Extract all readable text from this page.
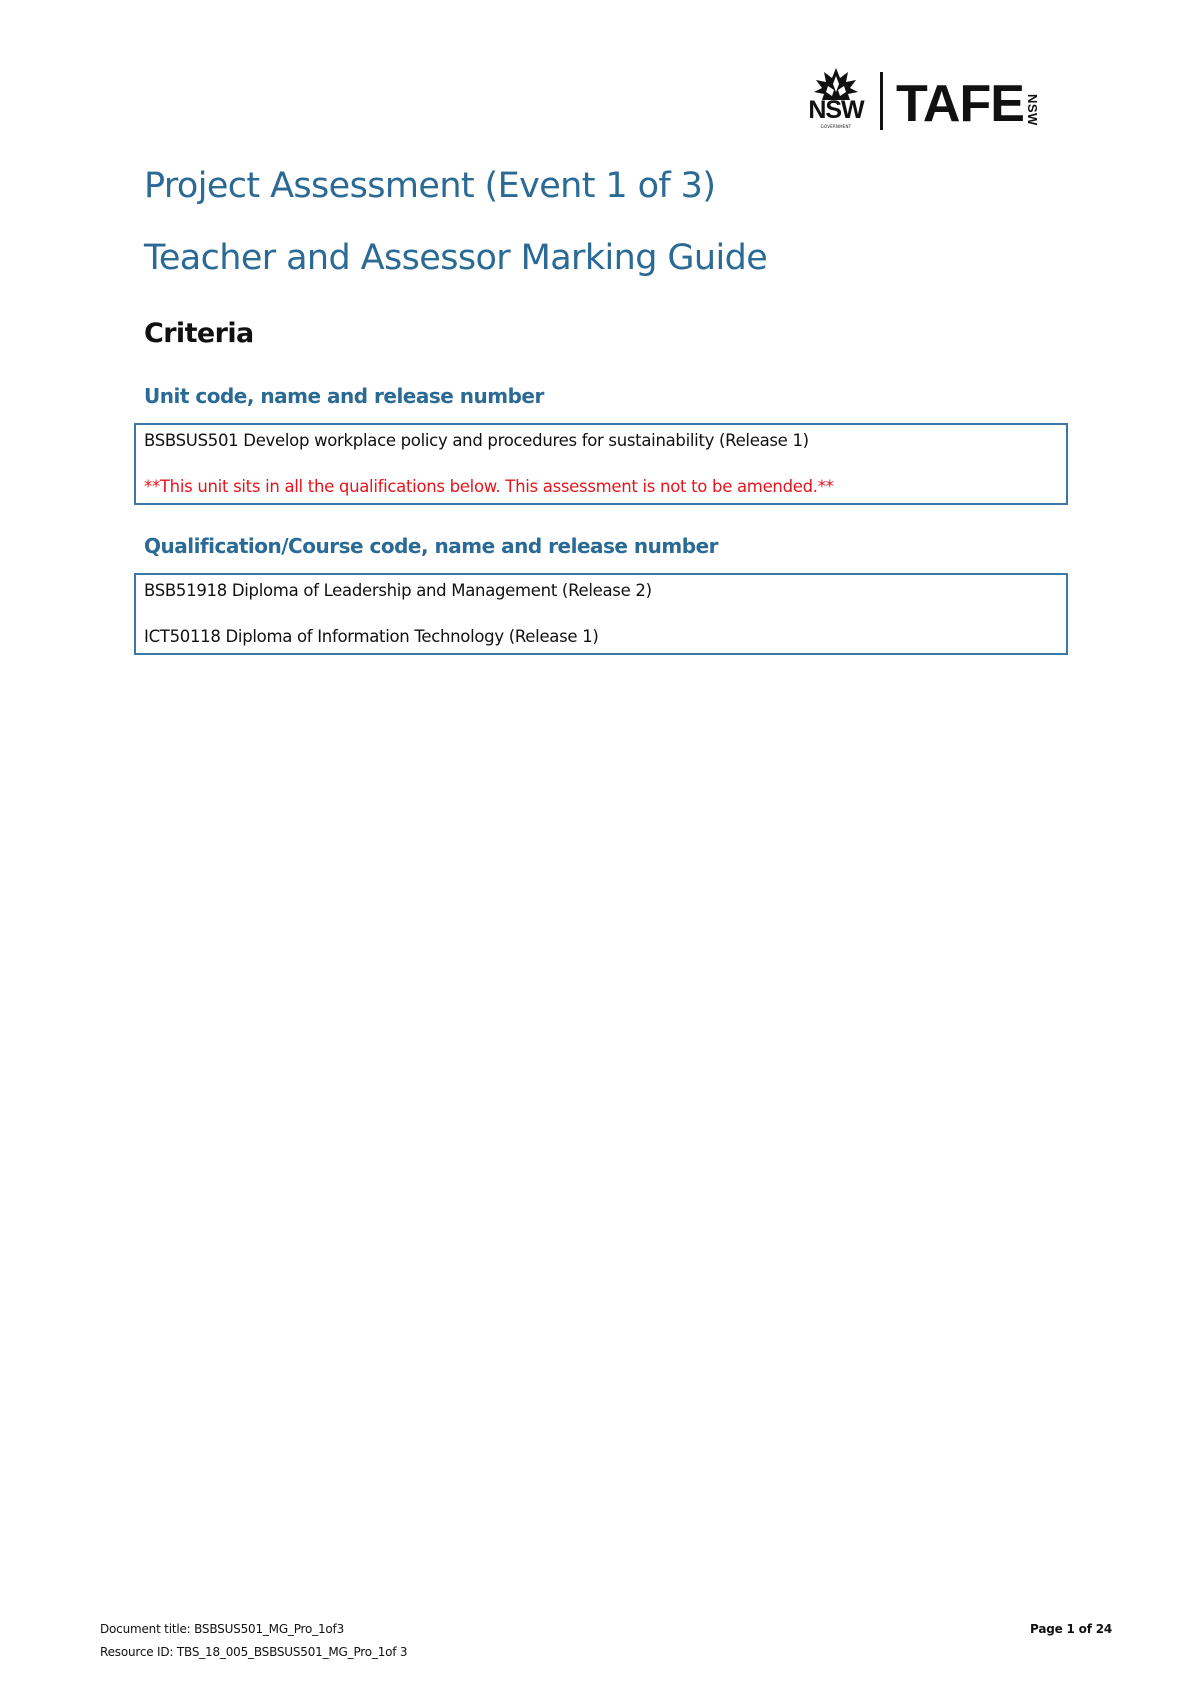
NSW
GOVERNMENT TAFE NSW
Project Assessment (Event 1 of 3)
Teacher and Assessor Marking Guide
Criteria
Unit code, name and release number
BSBSUS501 Develop workplace policy and procedures for sustainability (Release 1)
**This unit sits in all the qualifications below. This assessment is not to be amended.**
Qualification/Course code, name and release number
BSB51918 Diploma of Leadership and Management (Release 2)
ICT50118 Diploma of Information Technology (Release 1)
Document title: BSBSUS501_MG_Pro_1of3	Page 1 of 24
Resource ID: TBS_18_005_BSBSUS501_MG_Pro_1of 3
